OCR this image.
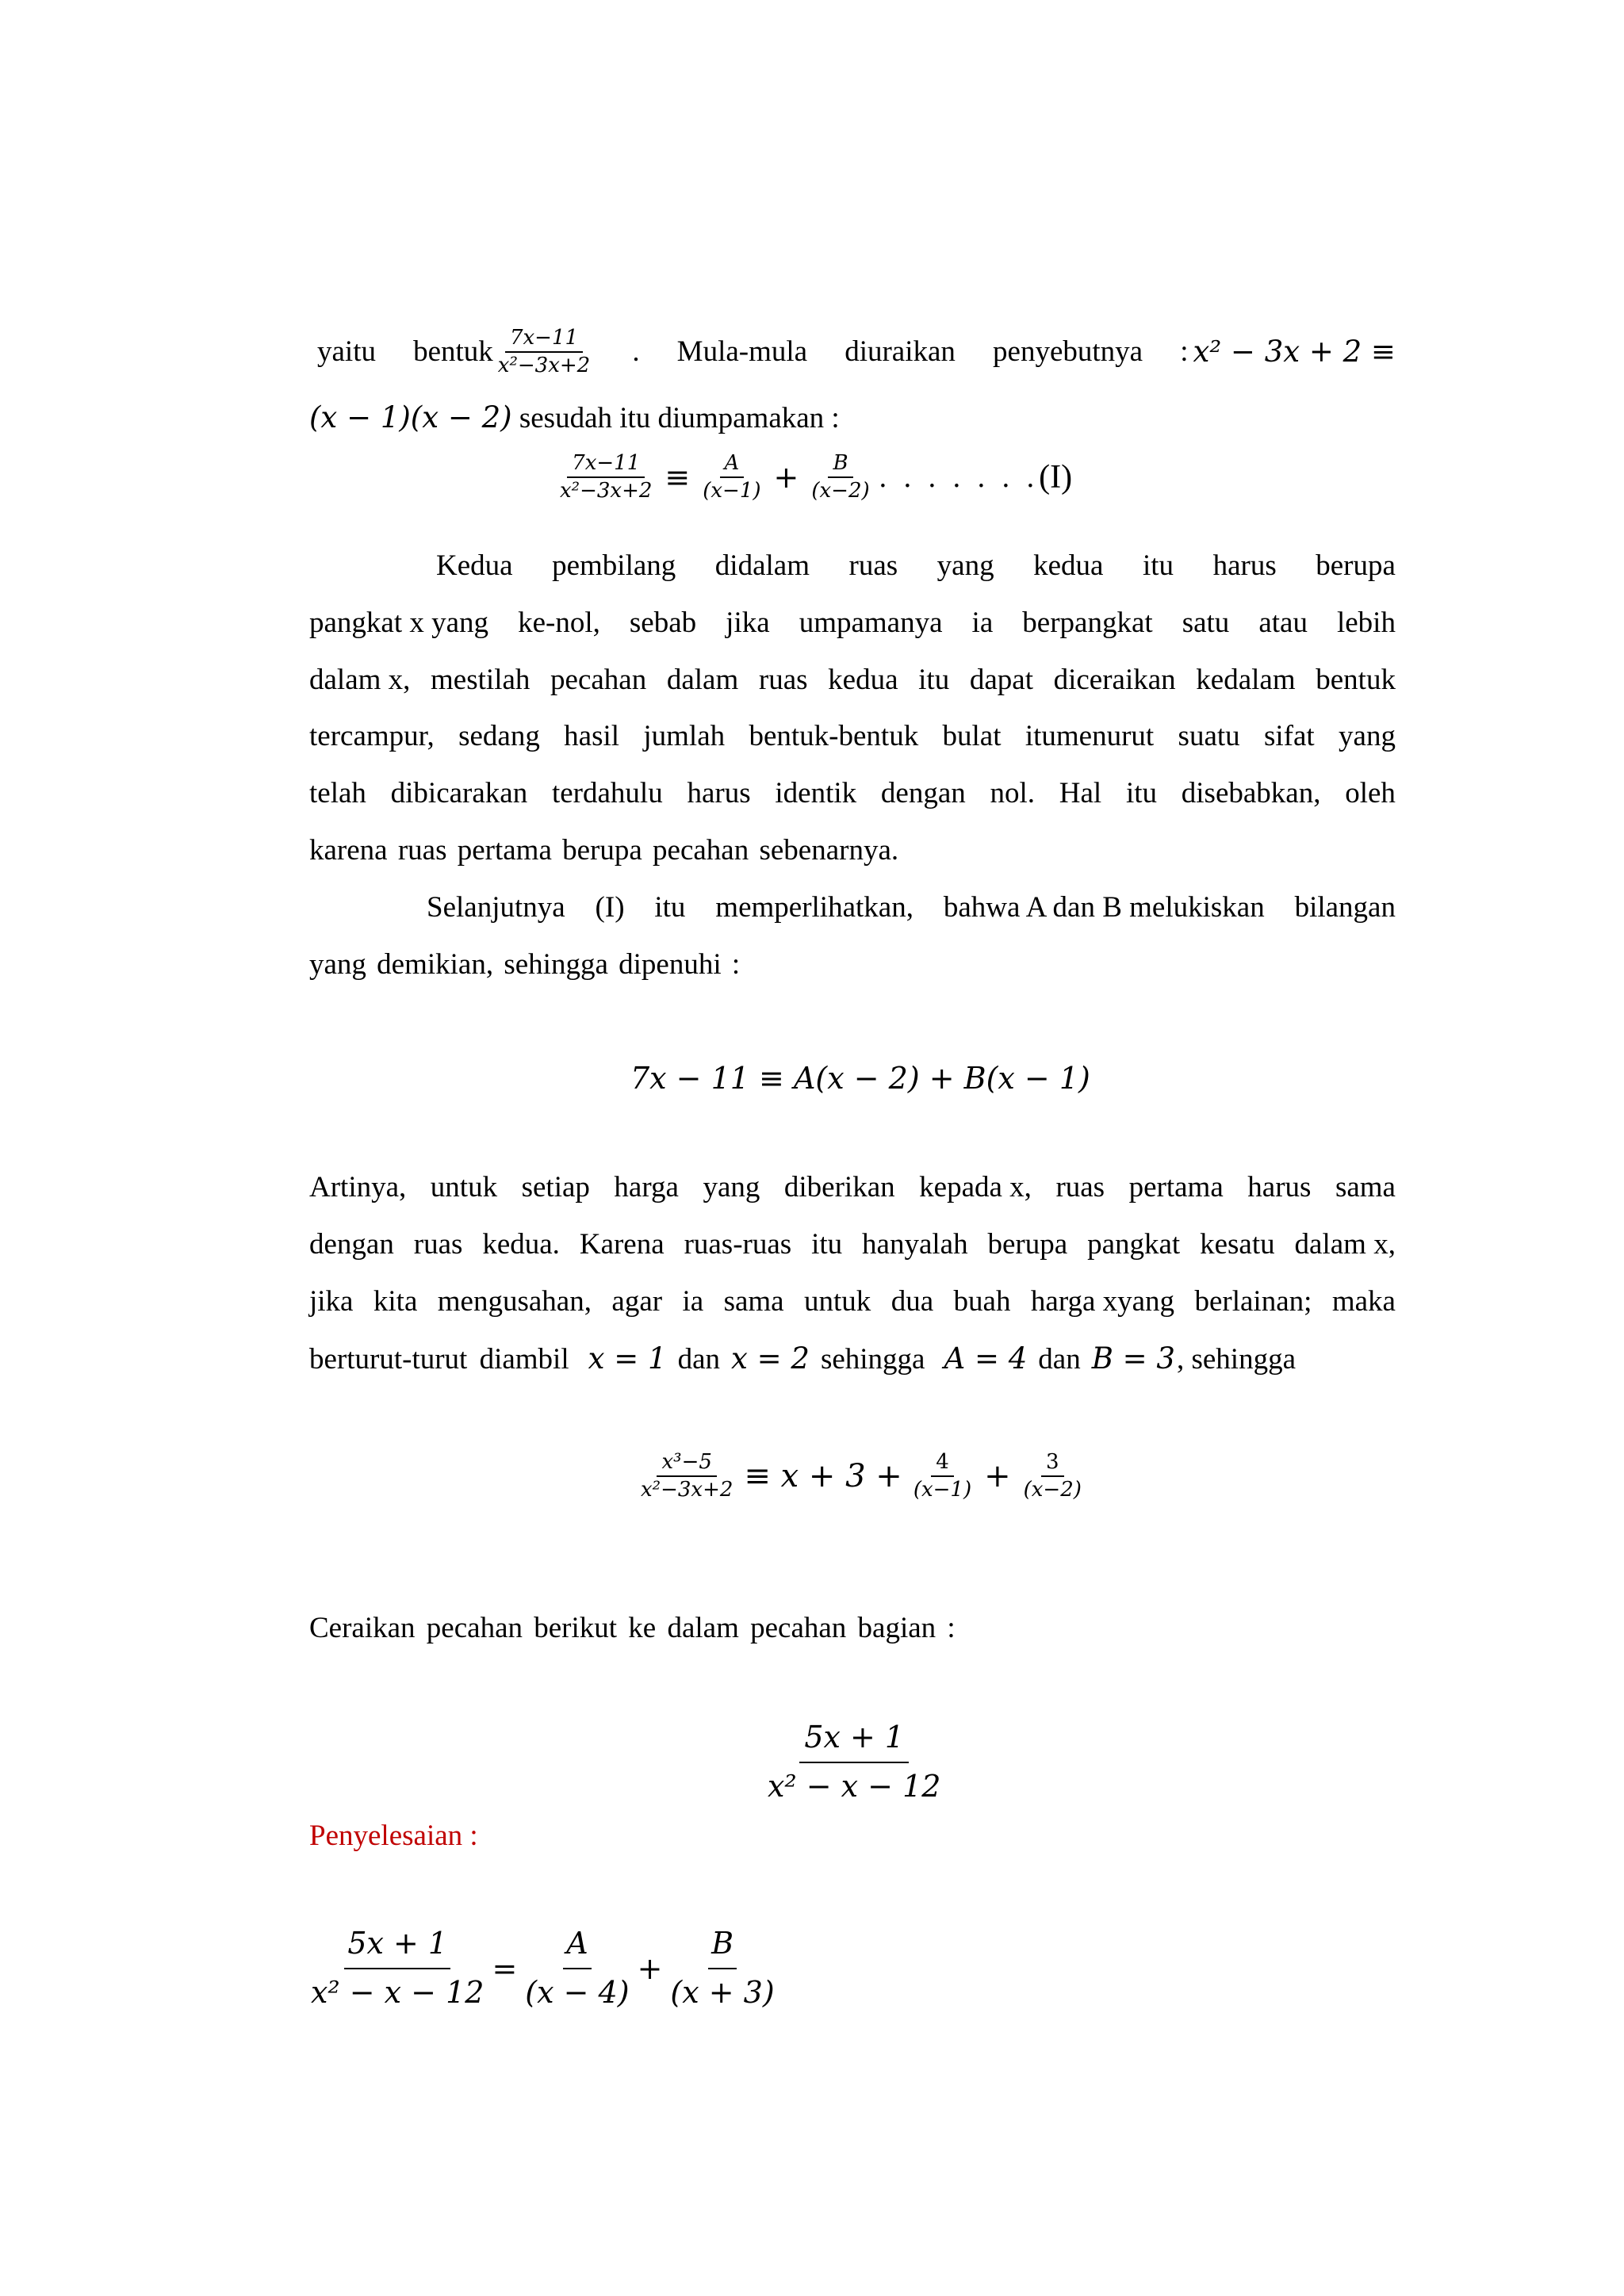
yaitu bentuk $\frac{7x-11}{\text{x²−3x+2}}$ . Mula-mula diuraikan penyebutnya : x² − 3x + 2 ≡
(x − 1)(x − 2) sesudah itu diumpamakan :
$\frac{7x-11}{\text{x²−3x+2}} \equiv \frac{A}{(x-1)} + \frac{B}{(x-2)}$ . . . . . . . (I)
Kedua pembilang didalam ruas yang kedua itu harus berupa
pangkat x yang ke-nol, sebab jika umpamanya ia berpangkat satu atau lebih
dalam x, mestilah pecahan dalam ruas kedua itu dapat diceraikan kedalam bentuk
tercampur, sedang hasil jumlah bentuk-bentuk bulat itumenurut suatu sifat yang
telah dibicarakan terdahulu harus identik dengan nol. Hal itu disebabkan, oleh
karena ruas pertama berupa pecahan sebenarnya.
Selanjutnya (I) itu memperlihatkan, bahwa A dan B melukiskan bilangan
yang demikian, sehingga dipenuhi :
7x − 11 ≡ A(x − 2) + B(x − 1)
Artinya, untuk setiap harga yang diberikan kepada x, ruas pertama harus sama
dengan ruas kedua. Karena ruas-ruas itu hanyalah berupa pangkat kesatu dalam x,
jika kita mengusahan, agar ia sama untuk dua buah harga xyang berlainan; maka
berturut-turut diambil x = 1 dan x = 2 sehingga A = 4 dan B = 3 , sehingga
$\frac{\text{x³−5}}{\text{x²−3x+2}} \equiv x + 3 + \frac{4}{(x-1)} + \frac{3}{(x-2)}$
Ceraikan pecahan berikut ke dalam pecahan bagian :
$\frac{5x + 1}{\text{x² − x − 12}}$
Penyelesaian :
$\frac{5x + 1}{\text{x² − x − 12}} = \frac{A}{(x - 4)} + \frac{B}{(x + 3)}$
